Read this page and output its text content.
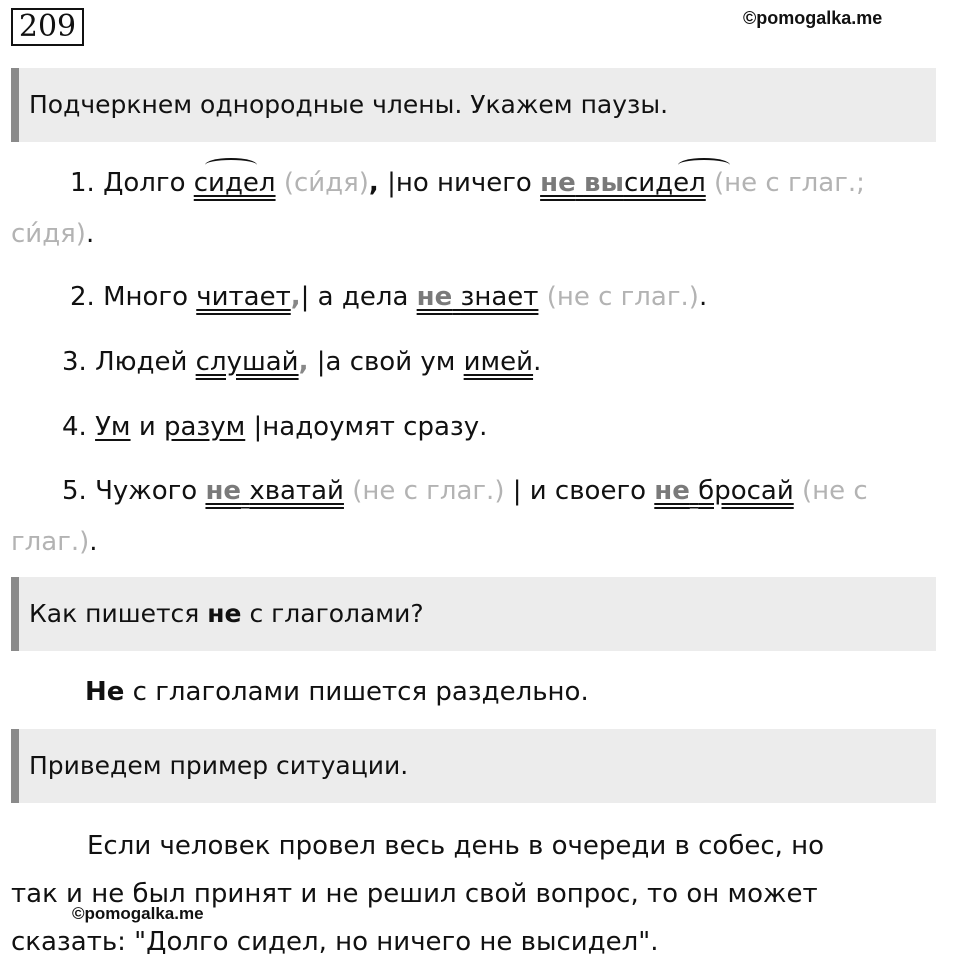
209	©pomogalka.me
Подчеркнем однородные члены. Укажем паузы.
1. Долго сидел (си́дя), |но ничего не высидел (не с глаг.;
си́дя).
2. Много читает,| а дела не знает (не с глаг.).
3. Людей слушай, |а свой ум имей.
4. Ум и разум |надоумят сразу.
5. Чужого не хватай (не с глаг.) | и своего не бросай (не с
глаг.).
Как пишется не с глаголами?
Не с глаголами пишется раздельно.
Приведем пример ситуации.
Если человек провел весь день в очереди в собес, но
так и не был принят и не решил свой вопрос, то он может
сказать: "Долго сидел, но ничего не высидел".
©pomogalka.me
